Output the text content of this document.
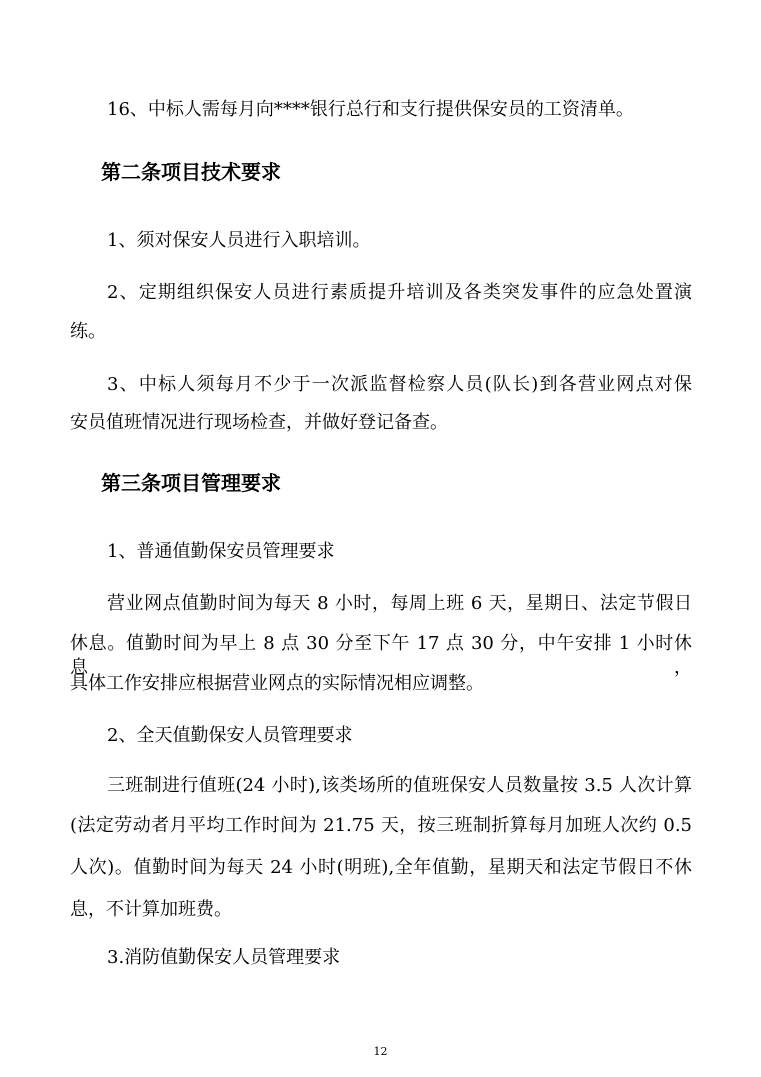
16、中标人需每月向****银行总行和支行提供保安员的工资清单。
第二条项目技术要求
1、须对保安人员进行入职培训。
2、定期组织保安人员进行素质提升培训及各类突发事件的应急处置演
练。
3、中标人须每月不少于一次派监督检察人员(队长)到各营业网点对保
安员值班情况进行现场检查，并做好登记备查。
第三条项目管理要求
1、普通值勤保安员管理要求
营业网点值勤时间为每天 8 小时，每周上班 6 天，星期日、法定节假日
休息。值勤时间为早上 8 点 30 分至下午 17 点 30 分，中午安排 1 小时休息，
具体工作安排应根据营业网点的实际情况相应调整。
2、全天值勤保安人员管理要求
三班制进行值班(24 小时),该类场所的值班保安人员数量按 3.5 人次计算
(法定劳动者月平均工作时间为 21.75 天，按三班制折算每月加班人次约 0.5
人次)。值勤时间为每天 24 小时(明班),全年值勤，星期天和法定节假日不休
息，不计算加班费。
3.消防值勤保安人员管理要求
12
